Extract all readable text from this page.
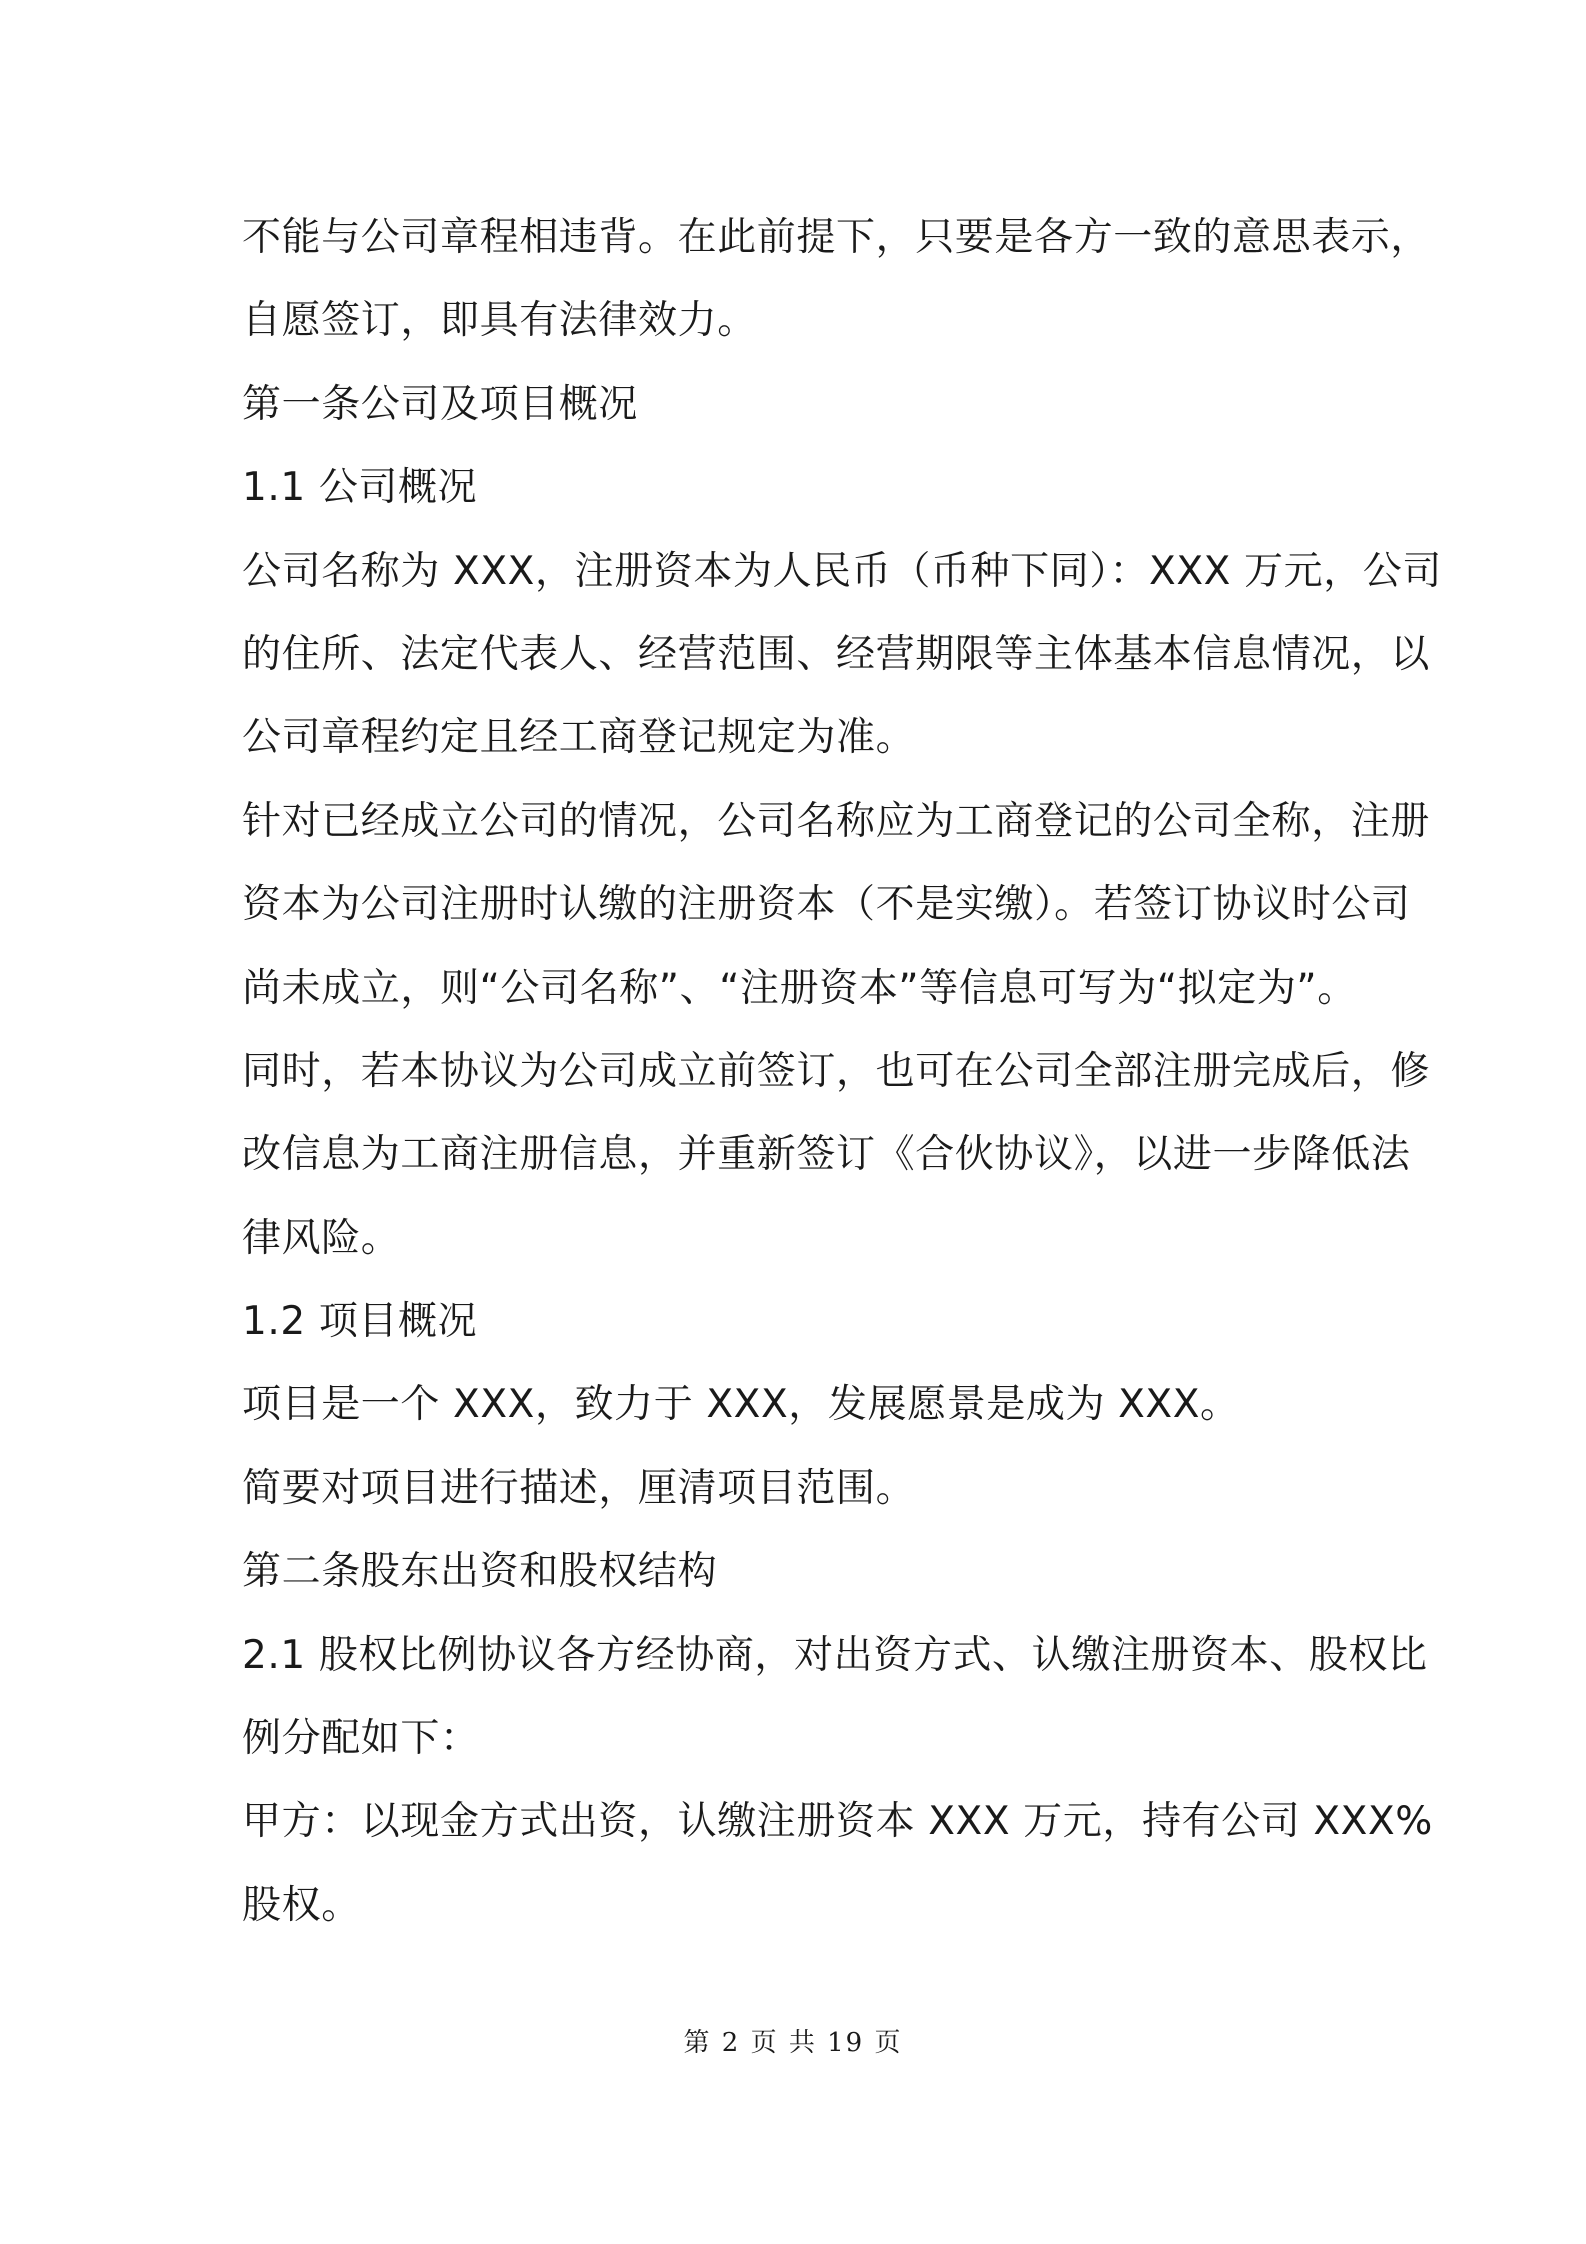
不能与公司章程相违背。在此前提下，只要是各方一致的意思表示，

自愿签订，即具有法律效力。

第一条公司及项目概况

1.1 公司概况

公司名称为 XXX，注册资本为人民币（币种下同）：XXX 万元，公司

的住所、法定代表人、经营范围、经营期限等主体基本信息情况，以

公司章程约定且经工商登记规定为准。

针对已经成立公司的情况，公司名称应为工商登记的公司全称，注册

资本为公司注册时认缴的注册资本（不是实缴）。若签订协议时公司

尚未成立，则“公司名称”、“注册资本”等信息可写为“拟定为”。

同时，若本协议为公司成立前签订，也可在公司全部注册完成后，修

改信息为工商注册信息，并重新签订《合伙协议》，以进一步降低法

律风险。

1.2 项目概况

项目是一个 XXX，致力于 XXX，发展愿景是成为 XXX。

简要对项目进行描述，厘清项目范围。

第二条股东出资和股权结构

2.1 股权比例协议各方经协商，对出资方式、认缴注册资本、股权比

例分配如下：

甲方：以现金方式出资，认缴注册资本 XXX 万元，持有公司 XXX%

股权。

第 2 页 共 19 页
